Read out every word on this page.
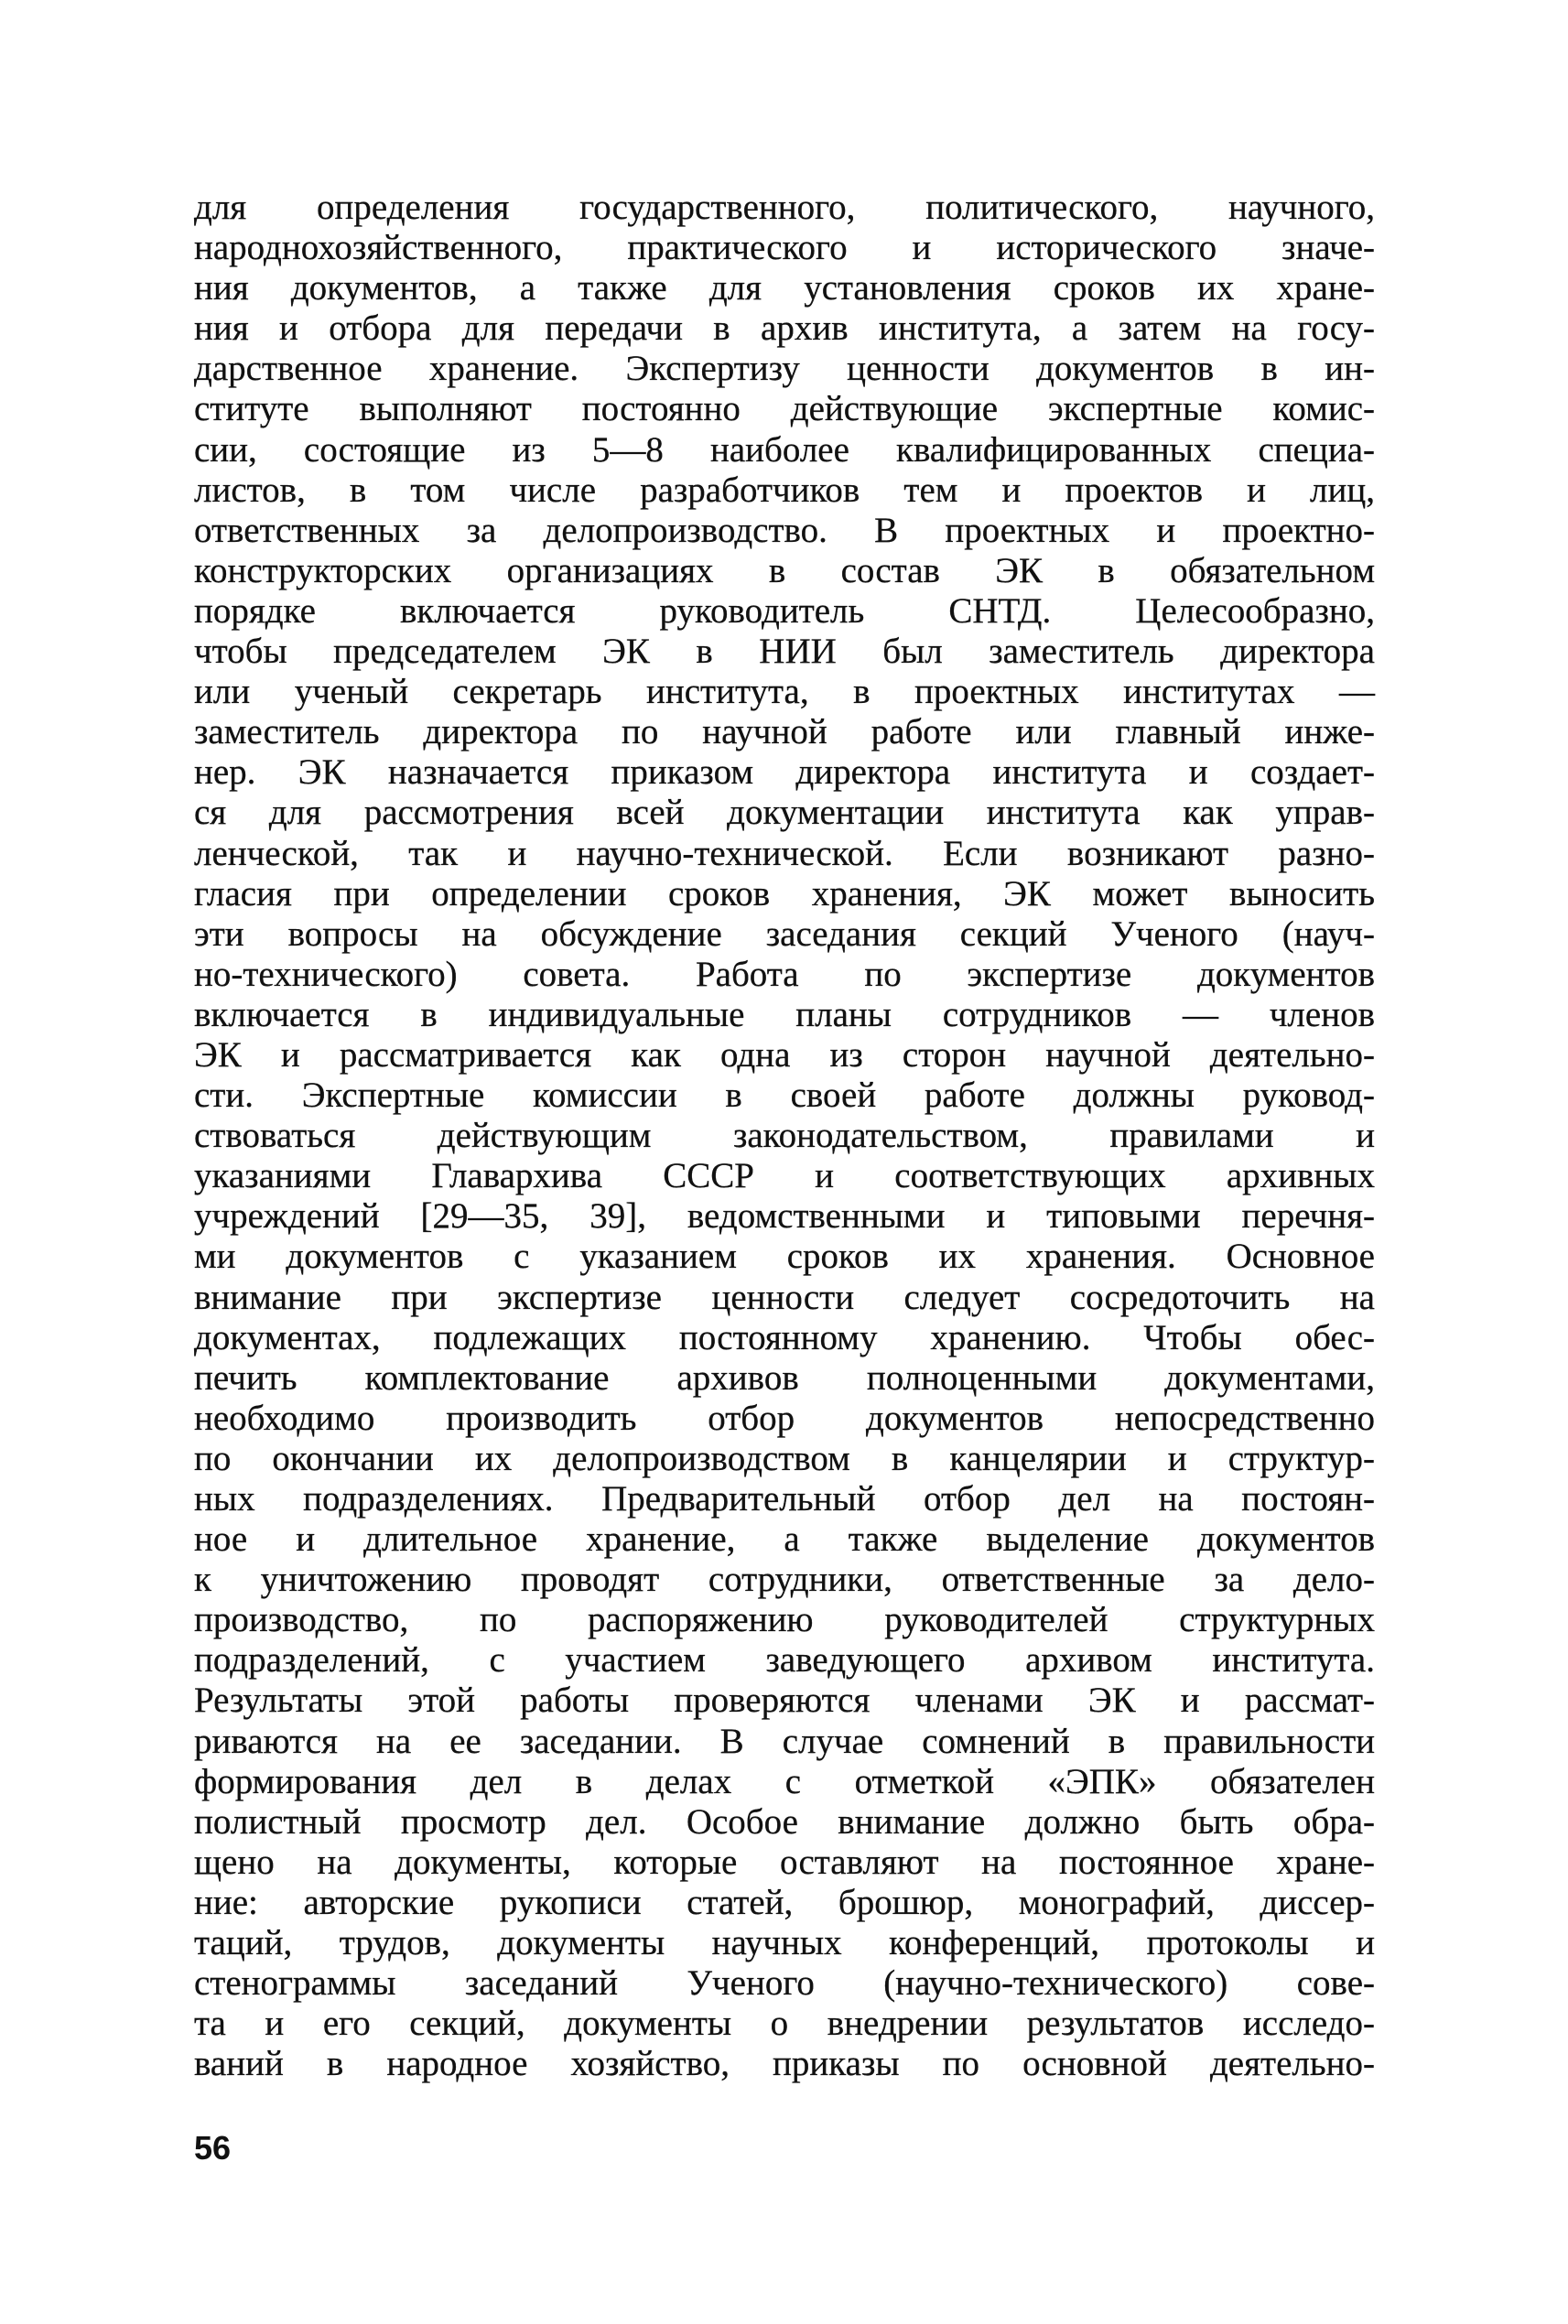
для определения государственного, политического, научного,
народнохозяйственного, практического и исторического значе-
ния документов, а также для установления сроков их хране-
ния и отбора для передачи в архив института, а затем на госу-
дарственное хранение. Экспертизу ценности документов в ин-
ституте выполняют постоянно действующие экспертные комис-
сии, состоящие из 5—8 наиболее квалифицированных специа-
листов, в том числе разработчиков тем и проектов и лиц,
ответственных за делопроизводство. В проектных и проектно-
конструкторских организациях в состав ЭК в обязательном
порядке включается руководитель СНТД. Целесообразно,
чтобы председателем ЭК в НИИ был заместитель директора
или ученый секретарь института, в проектных институтах —
заместитель директора по научной работе или главный инже-
нер. ЭК назначается приказом директора института и создает-
ся для рассмотрения всей документации института как управ-
ленческой, так и научно-технической. Если возникают разно-
гласия при определении сроков хранения, ЭК может выносить
эти вопросы на обсуждение заседания секций Ученого (науч-
но-технического) совета. Работа по экспертизе документов
включается в индивидуальные планы сотрудников — членов
ЭК и рассматривается как одна из сторон научной деятельно-
сти. Экспертные комиссии в своей работе должны руковод-
ствоваться действующим законодательством, правилами и
указаниями Главархива СССР и соответствующих архивных
учреждений [29—35, 39], ведомственными и типовыми перечня-
ми документов с указанием сроков их хранения. Основное
внимание при экспертизе ценности следует сосредоточить на
документах, подлежащих постоянному хранению. Чтобы обес-
печить комплектование архивов полноценными документами,
необходимо производить отбор документов непосредственно
по окончании их делопроизводством в канцелярии и структур-
ных подразделениях. Предварительный отбор дел на постоян-
ное и длительное хранение, а также выделение документов
к уничтожению проводят сотрудники, ответственные за дело-
производство, по распоряжению руководителей структурных
подразделений, с участием заведующего архивом института.
Результаты этой работы проверяются членами ЭК и рассмат-
риваются на ее заседании. В случае сомнений в правильности
формирования дел в делах с отметкой «ЭПК» обязателен
полистный просмотр дел. Особое внимание должно быть обра-
щено на документы, которые оставляют на постоянное хране-
ние: авторские рукописи статей, брошюр, монографий, диссер-
таций, трудов, документы научных конференций, протоколы и
стенограммы заседаний Ученого (научно-технического) сове-
та и его секций, документы о внедрении результатов исследо-
ваний в народное хозяйство, приказы по основной деятельно-
56
